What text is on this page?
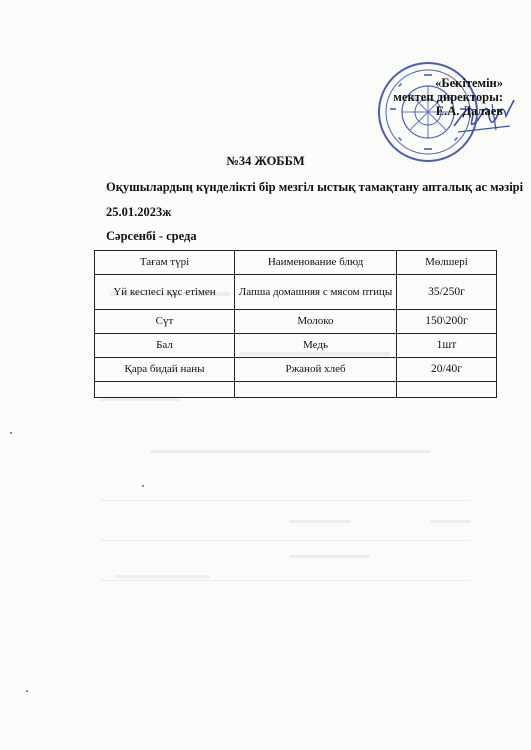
«Бекітемін»
мектеп директоры:
Е.А. Далаев
№34 ЖОББМ
Оқушылардың күнделікті бір мезгіл ыстық тамақтану апталық ас мәзірі
25.01.2023ж
Сәрсенбі - среда
Тағам түрі	Наименование блюд	Мөлшері
Үй кеспесі құс етімен	Лапша домашняя с мясом птицы	35/250г
Сүт	Молоко	150\200г
Бал	Медь	1шт
Қара бидай наны	Ржаной хлеб	20/40г
